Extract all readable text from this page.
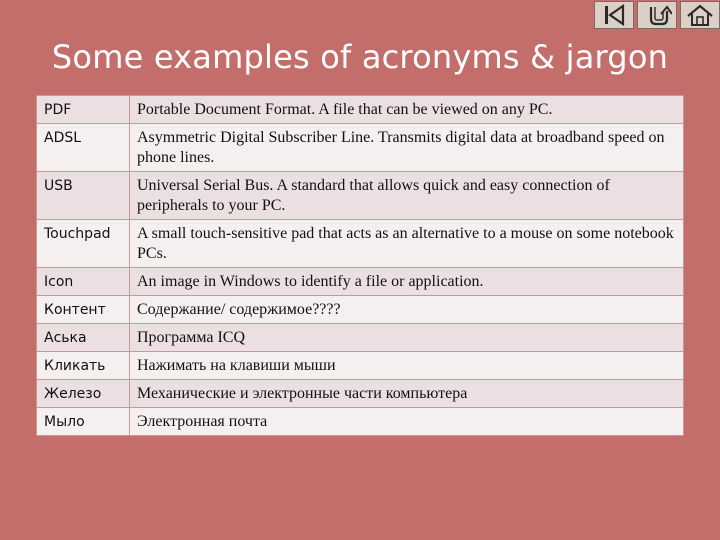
Some examples of acronyms & jargon
PDF	Portable Document Format. A file that can be viewed on any PC.
ADSL	Asymmetric Digital Subscriber Line. Transmits digital data at broadband speed on phone lines.
USB	Universal Serial Bus. A standard that allows quick and easy connection of peripherals to your PC.
Touchpad	A small touch-sensitive pad that acts as an alternative to a mouse on some notebook PCs.
Icon	An image in Windows to identify a file or application.
Контент	Содержание/ содержимое????
Аська	Программа ICQ
Кликать	Нажимать на клавиши мыши
Железо	Механические и электронные части компьютера
Мыло	Электронная почта
